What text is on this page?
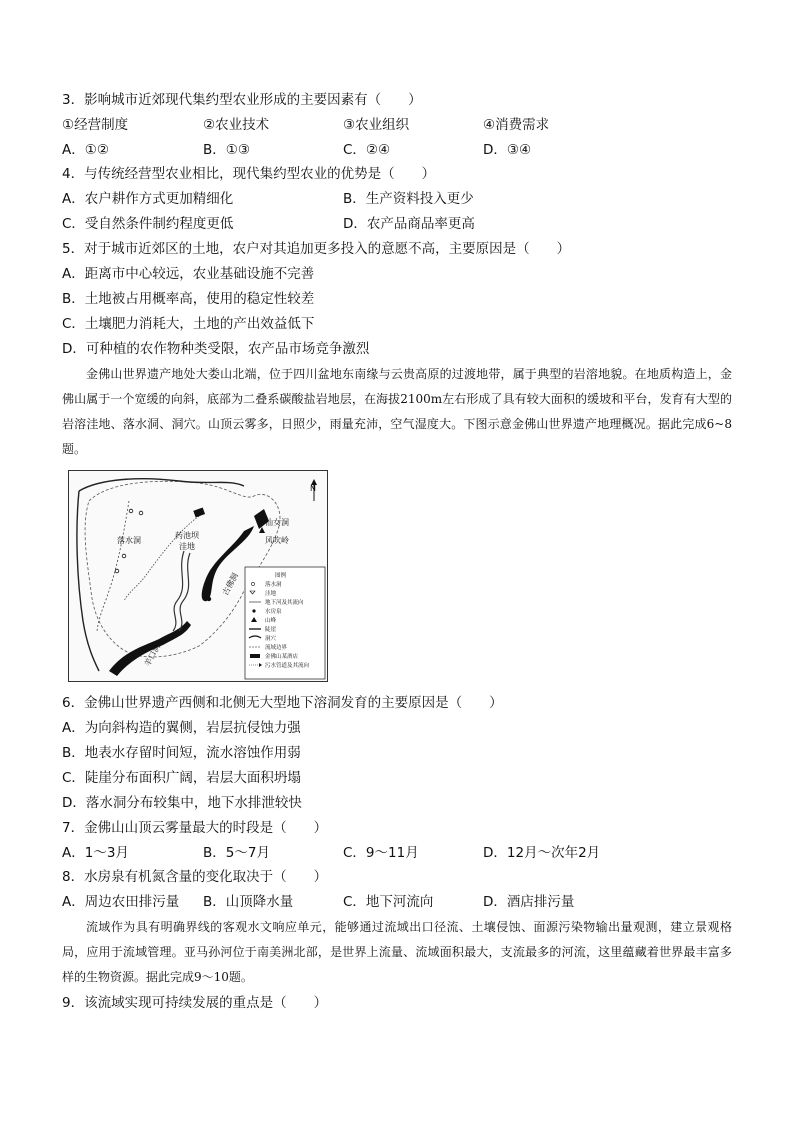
3．影响城市近郊现代集约型农业形成的主要因素有（　　）
①经营制度	②农业技术	③农业组织	④消费需求
A．①②	B．①③	C．②④	D．③④
4．与传统经营型农业相比，现代集约型农业的优势是（　　）
A．农户耕作方式更加精细化	B．生产资料投入更少
C．受自然条件制约程度更低	D．农产品商品率更高
5．对于城市近郊区的土地，农户对其追加更多投入的意愿不高，主要原因是（　　）
A．距离市中心较远，农业基础设施不完善
B．土地被占用概率高，使用的稳定性较差
C．土壤肥力消耗大，土地的产出效益低下
D．可种植的农作物种类受限，农产品市场竞争激烈

金佛山世界遗产地处大娄山北端，位于四川盆地东南缘与云贵高原的过渡地带，属于典型的岩溶地貌。在地质构造上，金佛山属于一个宽缓的向斜，底部为二叠系碳酸盐岩地层，在海拔2100m左右形成了具有较大面积的缓坡和平台，发育有大型的岩溶洼地、落水洞、洞穴。山顶云雾多，日照少，雨量充沛，空气湿度大。下图示意金佛山世界遗产地理概况。据此完成6~8题。

N
落水洞
药池坝
洼地
仙女洞
风吹岭
古佛洞
羊口洞
图例
落水洞
洼地
地下河及其流向
水房泉
山峰
陡崖
洞穴
流域边界
金佛山某酒店
污水管道及其流向
6．金佛山世界遗产西侧和北侧无大型地下溶洞发育的主要原因是（　　）
A．为向斜构造的翼侧，岩层抗侵蚀力强
B．地表水存留时间短，流水溶蚀作用弱
C．陡崖分布面积广阔，岩层大面积坍塌
D．落水洞分布较集中，地下水排泄较快
7．金佛山山顶云雾量最大的时段是（　　）
A．1～3月	B．5～7月	C．9～11月	D．12月～次年2月
8．水房泉有机氮含量的变化取决于（　　）
A．周边农田排污量 B．山顶降水量	C．地下河流向	D．酒店排污量

流域作为具有明确界线的客观水文响应单元，能够通过流域出口径流、土壤侵蚀、面源污染物输出量观测，建立景观格局，应用于流域管理。亚马孙河位于南美洲北部，是世界上流量、流域面积最大，支流最多的河流，这里蕴藏着世界最丰富多样的生物资源。据此完成9～10题。

9．该流域实现可持续发展的重点是（　　）
